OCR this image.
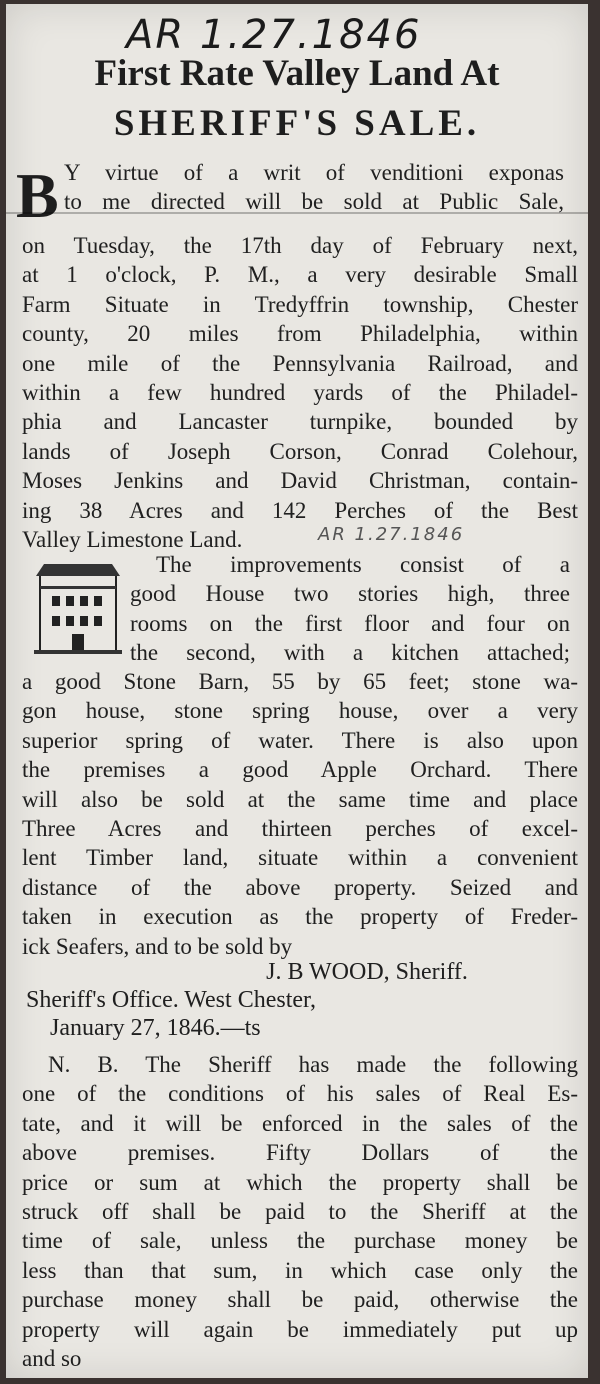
AR 1.27.1846
First Rate Valley Land At
SHERIFF'S SALE.
B Y virtue of a writ of venditioni exponas
to me directed will be sold at Public Sale,
on Tuesday, the 17th day of February next,
at 1 o'clock, P. M., a very desirable Small
Farm Situate in Tredyffrin township, Chester
county, 20 miles from Philadelphia, within
one mile of the Pennsylvania Railroad, and
within a few hundred yards of the Philadel-
phia and Lancaster turnpike, bounded by
lands of Joseph Corson, Conrad Colehour,
Moses Jenkins and David Christman, contain-
ing 38 Acres and 142 Perches of the Best
Valley Limestone Land.	AR 1.27.1846
The improvements consist of a
good House two stories high, three
rooms on the first floor and four on
the second, with a kitchen attached;
a good Stone Barn, 55 by 65 feet; stone wa-
gon house, stone spring house, over a very
superior spring of water. There is also upon
the premises a good Apple Orchard. There
will also be sold at the same time and place
Three Acres and thirteen perches of excel-
lent Timber land, situate within a convenient
distance of the above property. Seized and
taken in execution as the property of Freder-
ick Seafers, and to be sold by
J. B WOOD, Sheriff.
Sheriff's Office. West Chester,
January 27, 1846.—ts
N. B. The Sheriff has made the following
one of the conditions of his sales of Real Es-
tate, and it will be enforced in the sales of the
above premises. Fifty Dollars of the
price or sum at which the property shall be
struck off shall be paid to the Sheriff at the
time of sale, unless the purchase money be
less than that sum, in which case only the
purchase money shall be paid, otherwise the
property will again be immediately put up
and so
